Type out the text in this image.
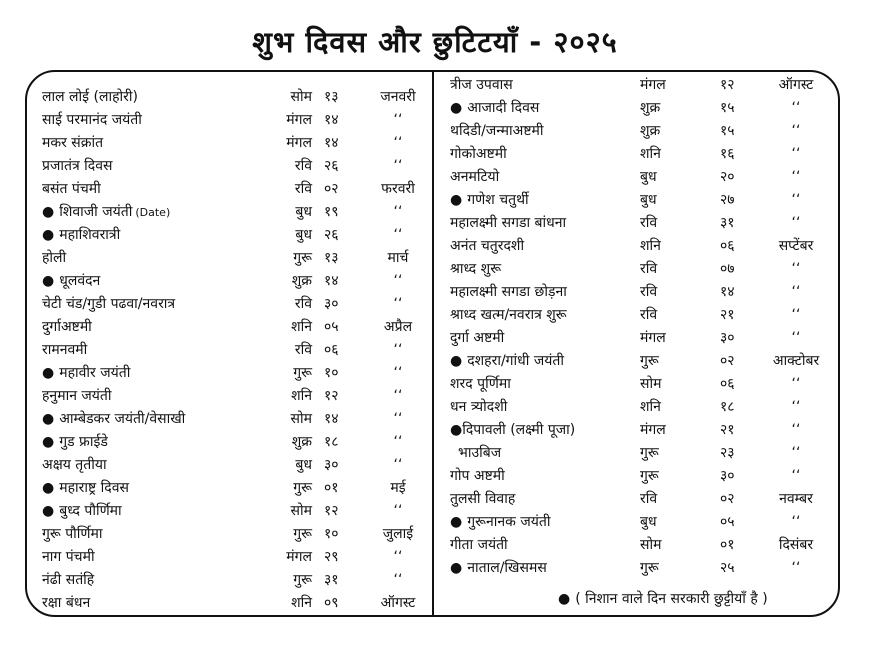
शुभ दिवस और छुटिटयाँ - २०२५
लाल लोई (लाहोरी)	सोम १३	जनवरी
साई परमानंद जयंती	मंगल १४	‘‘
मकर संक्रांत	मंगल १४	‘‘
प्रजातंत्र दिवस	रवि २६	‘‘
बसंत पंचमी	रवि ०२	फरवरी
● शिवाजी जयंती (Date)	बुध १९	‘‘
● महाशिवरात्री	बुध २६	‘‘
होली	गुरू १३	मार्च
● धूलवंदन	शुक्र १४	‘‘
चेटी चंड/गुडी पढवा/नवरात्र	रवि ३०	‘‘
दुर्गाअष्टमी	शनि ०५	अप्रैल
रामनवमी	रवि ०६	‘‘
● महावीर जयंती	गुरू १०	‘‘
हनुमान जयंती	शनि १२	‘‘
● आम्बेडकर जयंती/वेसाखी	सोम १४	‘‘
● गुड फ्राईडे	शुक्र १८	‘‘
अक्षय तृतीया	बुध ३०	‘‘
● महाराष्ट्र दिवस	गुरू ०१	मई
● बुध्द पौर्णिमा	सोम १२	‘‘
गुरू पौर्णिमा	गुरू १०	जुलाई
नाग पंचमी	मंगल २९	‘‘
नंढी सतंहि	गुरू ३१	‘‘
रक्षा बंधन	शनि ०९	ऑगस्ट
त्रीज उपवास	मंगल	१२	ऑगस्ट
● आजादी दिवस	शुक्र	१५	‘‘
थदिडी/जन्माअष्टमी	शुक्र	१५	‘‘
गोकोअष्टमी	शनि	१६	‘‘
अनमटियो	बुध	२०	‘‘
● गणेश चतुर्थी	बुध	२७	‘‘
महालक्ष्मी सगडा बांधना	रवि	३१	‘‘
अनंत चतुरदशी	शनि	०६	सप्टेंबर
श्राध्द शुरू	रवि	०७	‘‘
महालक्ष्मी सगडा छोड़ना	रवि	१४	‘‘
श्राध्द खत्म/नवरात्र शुरू	रवि	२१	‘‘
दुर्गा अष्टमी	मंगल	३०	‘‘
● दशहरा/गांधी जयंती	गुरू	०२	आक्टोबर
शरद पूर्णिमा	सोम	०६	‘‘
धन त्र्योदशी	शनि	१८	‘‘
●दिपावली (लक्ष्मी पूजा)	मंगल	२१	‘‘
भाउबिज	गुरू	२३	‘‘
गोप अष्टमी	गुरू	३०	‘‘
तुलसी विवाह	रवि	०२	नवम्बर
● गुरूनानक जयंती	बुध	०५	‘‘
गीता जयंती	सोम	०१	दिसंबर
● नाताल/खिसमस	गुरू	२५	‘‘
● ( निशान वाले दिन सरकारी छुट्टीयाँ है )
